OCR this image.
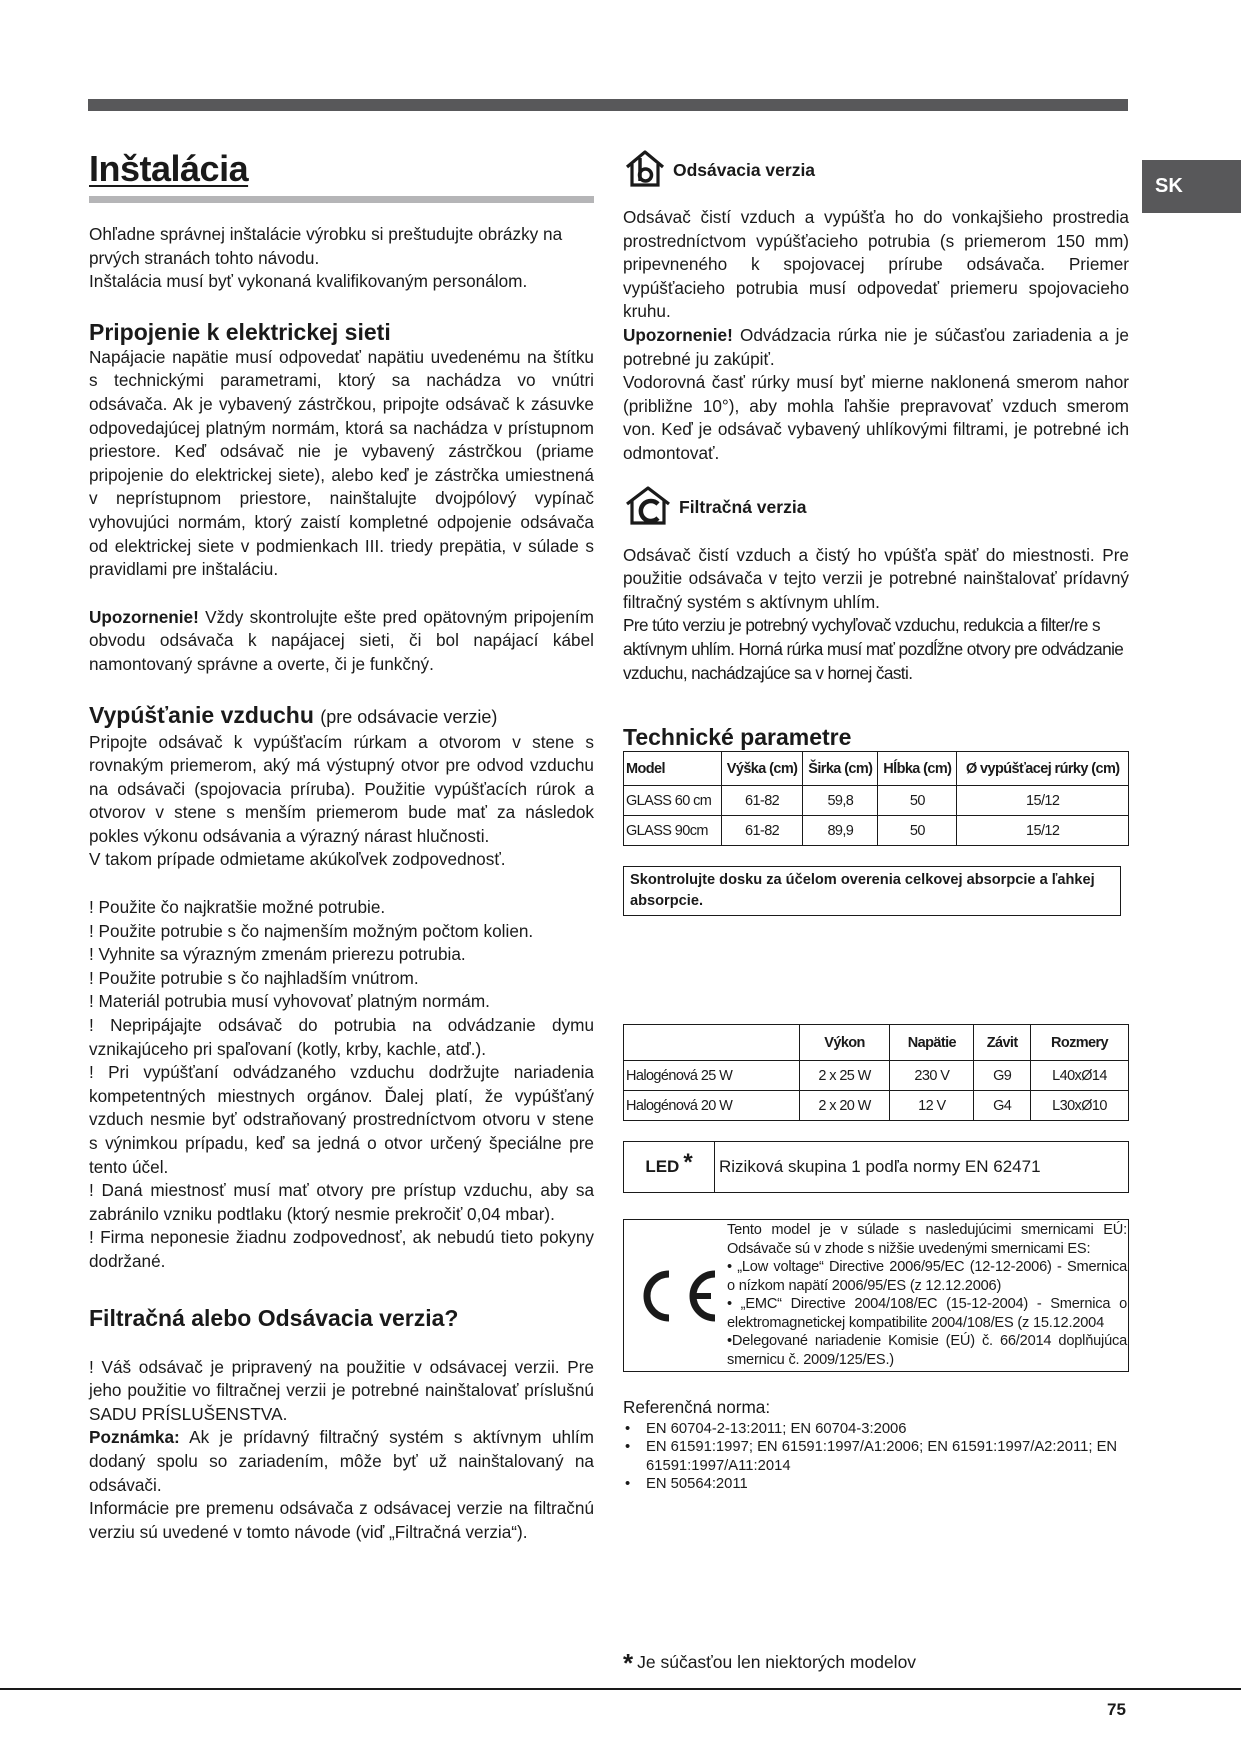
SK
Inštalácia

Ohľadne správnej inštalácie výrobku si preštudujte obrázky na prvých stranách tohto návodu.

Inštalácia musí byť vykonaná kvalifikovaným personálom.

Pripojenie k elektrickej sieti

Napájacie napätie musí odpovedať napätiu uvedenému na štítku s technickými parametrami, ktorý sa nachádza vo vnútri odsávača. Ak je vybavený zástrčkou, pripojte odsávač k zásuvke odpovedajúcej platným normám, ktorá sa nachádza v prístupnom priestore. Keď odsávač nie je vybavený zástrčkou (priame pripojenie do elektrickej siete), alebo keď je zástrčka umiestnená v neprístupnom priestore, nainštalujte dvojpólový vypínač vyhovujúci normám, ktorý zaistí kompletné odpojenie odsávača od elektrickej siete v podmienkach III. triedy prepätia, v súlade s pravidlami pre inštaláciu.

Upozornenie! Vždy skontrolujte ešte pred opätovným pripojením obvodu odsávača k napájacej sieti, či bol napájací kábel namontovaný správne a overte, či je funkčný.

Vypúšťanie vzduchu (pre odsávacie verzie)

Pripojte odsávač k vypúšťacím rúrkam a otvorom v stene s rovnakým priemerom, aký má výstupný otvor pre odvod vzduchu na odsávači (spojovacia príruba). Použitie vypúšťacích rúrok a otvorov v stene s menším priemerom bude mať za následok pokles výkonu odsávania a výrazný nárast hlučnosti.

V takom prípade odmietame akúkoľvek zodpovednosť.

! Použite čo najkratšie možné potrubie.

! Použite potrubie s čo najmenším možným počtom kolien.

! Vyhnite sa výrazným zmenám prierezu potrubia.

! Použite potrubie s čo najhladším vnútrom.

! Materiál potrubia musí vyhovovať platným normám.

! Nepripájajte odsávač do potrubia na odvádzanie dymu vznikajúceho pri spaľovaní (kotly, krby, kachle, atď.).

! Pri vypúšťaní odvádzaného vzduchu dodržujte nariadenia kompetentných miestnych orgánov. Ďalej platí, že vypúšťaný vzduch nesmie byť odstraňovaný prostredníctvom otvoru v stene s výnimkou prípadu, keď sa jedná o otvor určený špeciálne pre tento účel.

! Daná miestnosť musí mať otvory pre prístup vzduchu, aby sa zabránilo vzniku podtlaku (ktorý nesmie prekročiť 0,04 mbar).

! Firma neponesie žiadnu zodpovednosť, ak nebudú tieto pokyny dodržané.

Filtračná alebo Odsávacia verzia?

! Váš odsávač je pripravený na použitie v odsávacej verzii. Pre jeho použitie vo filtračnej verzii je potrebné nainštalovať príslušnú SADU PRÍSLUŠENSTVA.

Poznámka: Ak je prídavný filtračný systém s aktívnym uhlím dodaný spolu so zariadením, môže byť už nainštalovaný na odsávači.

Informácie pre premenu odsávača z odsávacej verzie na filtračnú verziu sú uvedené v tomto návode (viď „Filtračná verzia“).

Odsávacia verzia

Odsávač čistí vzduch a vypúšťa ho do vonkajšieho prostredia prostredníctvom vypúšťacieho potrubia (s priemerom 150 mm) pripevneného k spojovacej prírube odsávača. Priemer vypúšťacieho potrubia musí odpovedať priemeru spojovacieho kruhu.

Upozornenie! Odvádzacia rúrka nie je súčasťou zariadenia a je potrebné ju zakúpiť.

Vodorovná časť rúrky musí byť mierne naklonená smerom nahor (približne 10°), aby mohla ľahšie prepravovať vzduch smerom von. Keď je odsávač vybavený uhlíkovými filtrami, je potrebné ich odmontovať.

Filtračná verzia

Odsávač čistí vzduch a čistý ho vpúšťa späť do miestnosti. Pre použitie odsávača v tejto verzii je potrebné nainštalovať prídavný filtračný systém s aktívnym uhlím.

Pre túto verziu je potrebný vychyľovač vzduchu, redukcia a filter/re s aktívnym uhlím. Horná rúrka musí mať pozdĺžne otvory pre odvádzanie vzduchu, nachádzajúce sa v hornej časti.

Technické parametre
Model	Výška (cm)	Širka (cm)	Hĺbka (cm)	Ø vypúšťacej rúrky (cm)
GLASS 60 cm	61-82	59,8	50	15/12
GLASS 90cm	61-82	89,9	50	15/12
Skontrolujte dosku za účelom overenia celkovej absorpcie a ľahkej absorpcie.
	Výkon	Napätie	Závit	Rozmery
Halogénová 25 W	2 x 25 W	230 V	G9	L40xØ14
Halogénová 20 W	2 x 20 W	12 V	G4	L30xØ10
LED* Riziková skupina 1 podľa normy EN 62471
Tento model je v súlade s nasledujúcimi smernicami EÚ: Odsávače sú v zhode s nižšie uvedenými smernicami ES:
• „Low voltage“ Directive 2006/95/EC (12-12-2006) - Smernica o nízkom napätí 2006/95/ES (z 12.12.2006)
• „EMC“ Directive 2004/108/EC (15-12-2004) - Smernica o elektromagnetickej kompatibilite 2004/108/ES (z 15.12.2004
•Delegované nariadenie Komisie (EÚ) č. 66/2014 doplňujúca smernicu č. 2009/125/ES.)

Referenčná norma:

• EN 60704-2-13:2011; EN 60704-3:2006
• EN 61591:1997; EN 61591:1997/A1:2006; EN 61591:1997/A2:2011; EN 61591:1997/A11:2014
• EN 50564:2011
* Je súčasťou len niektorých modelov
75
